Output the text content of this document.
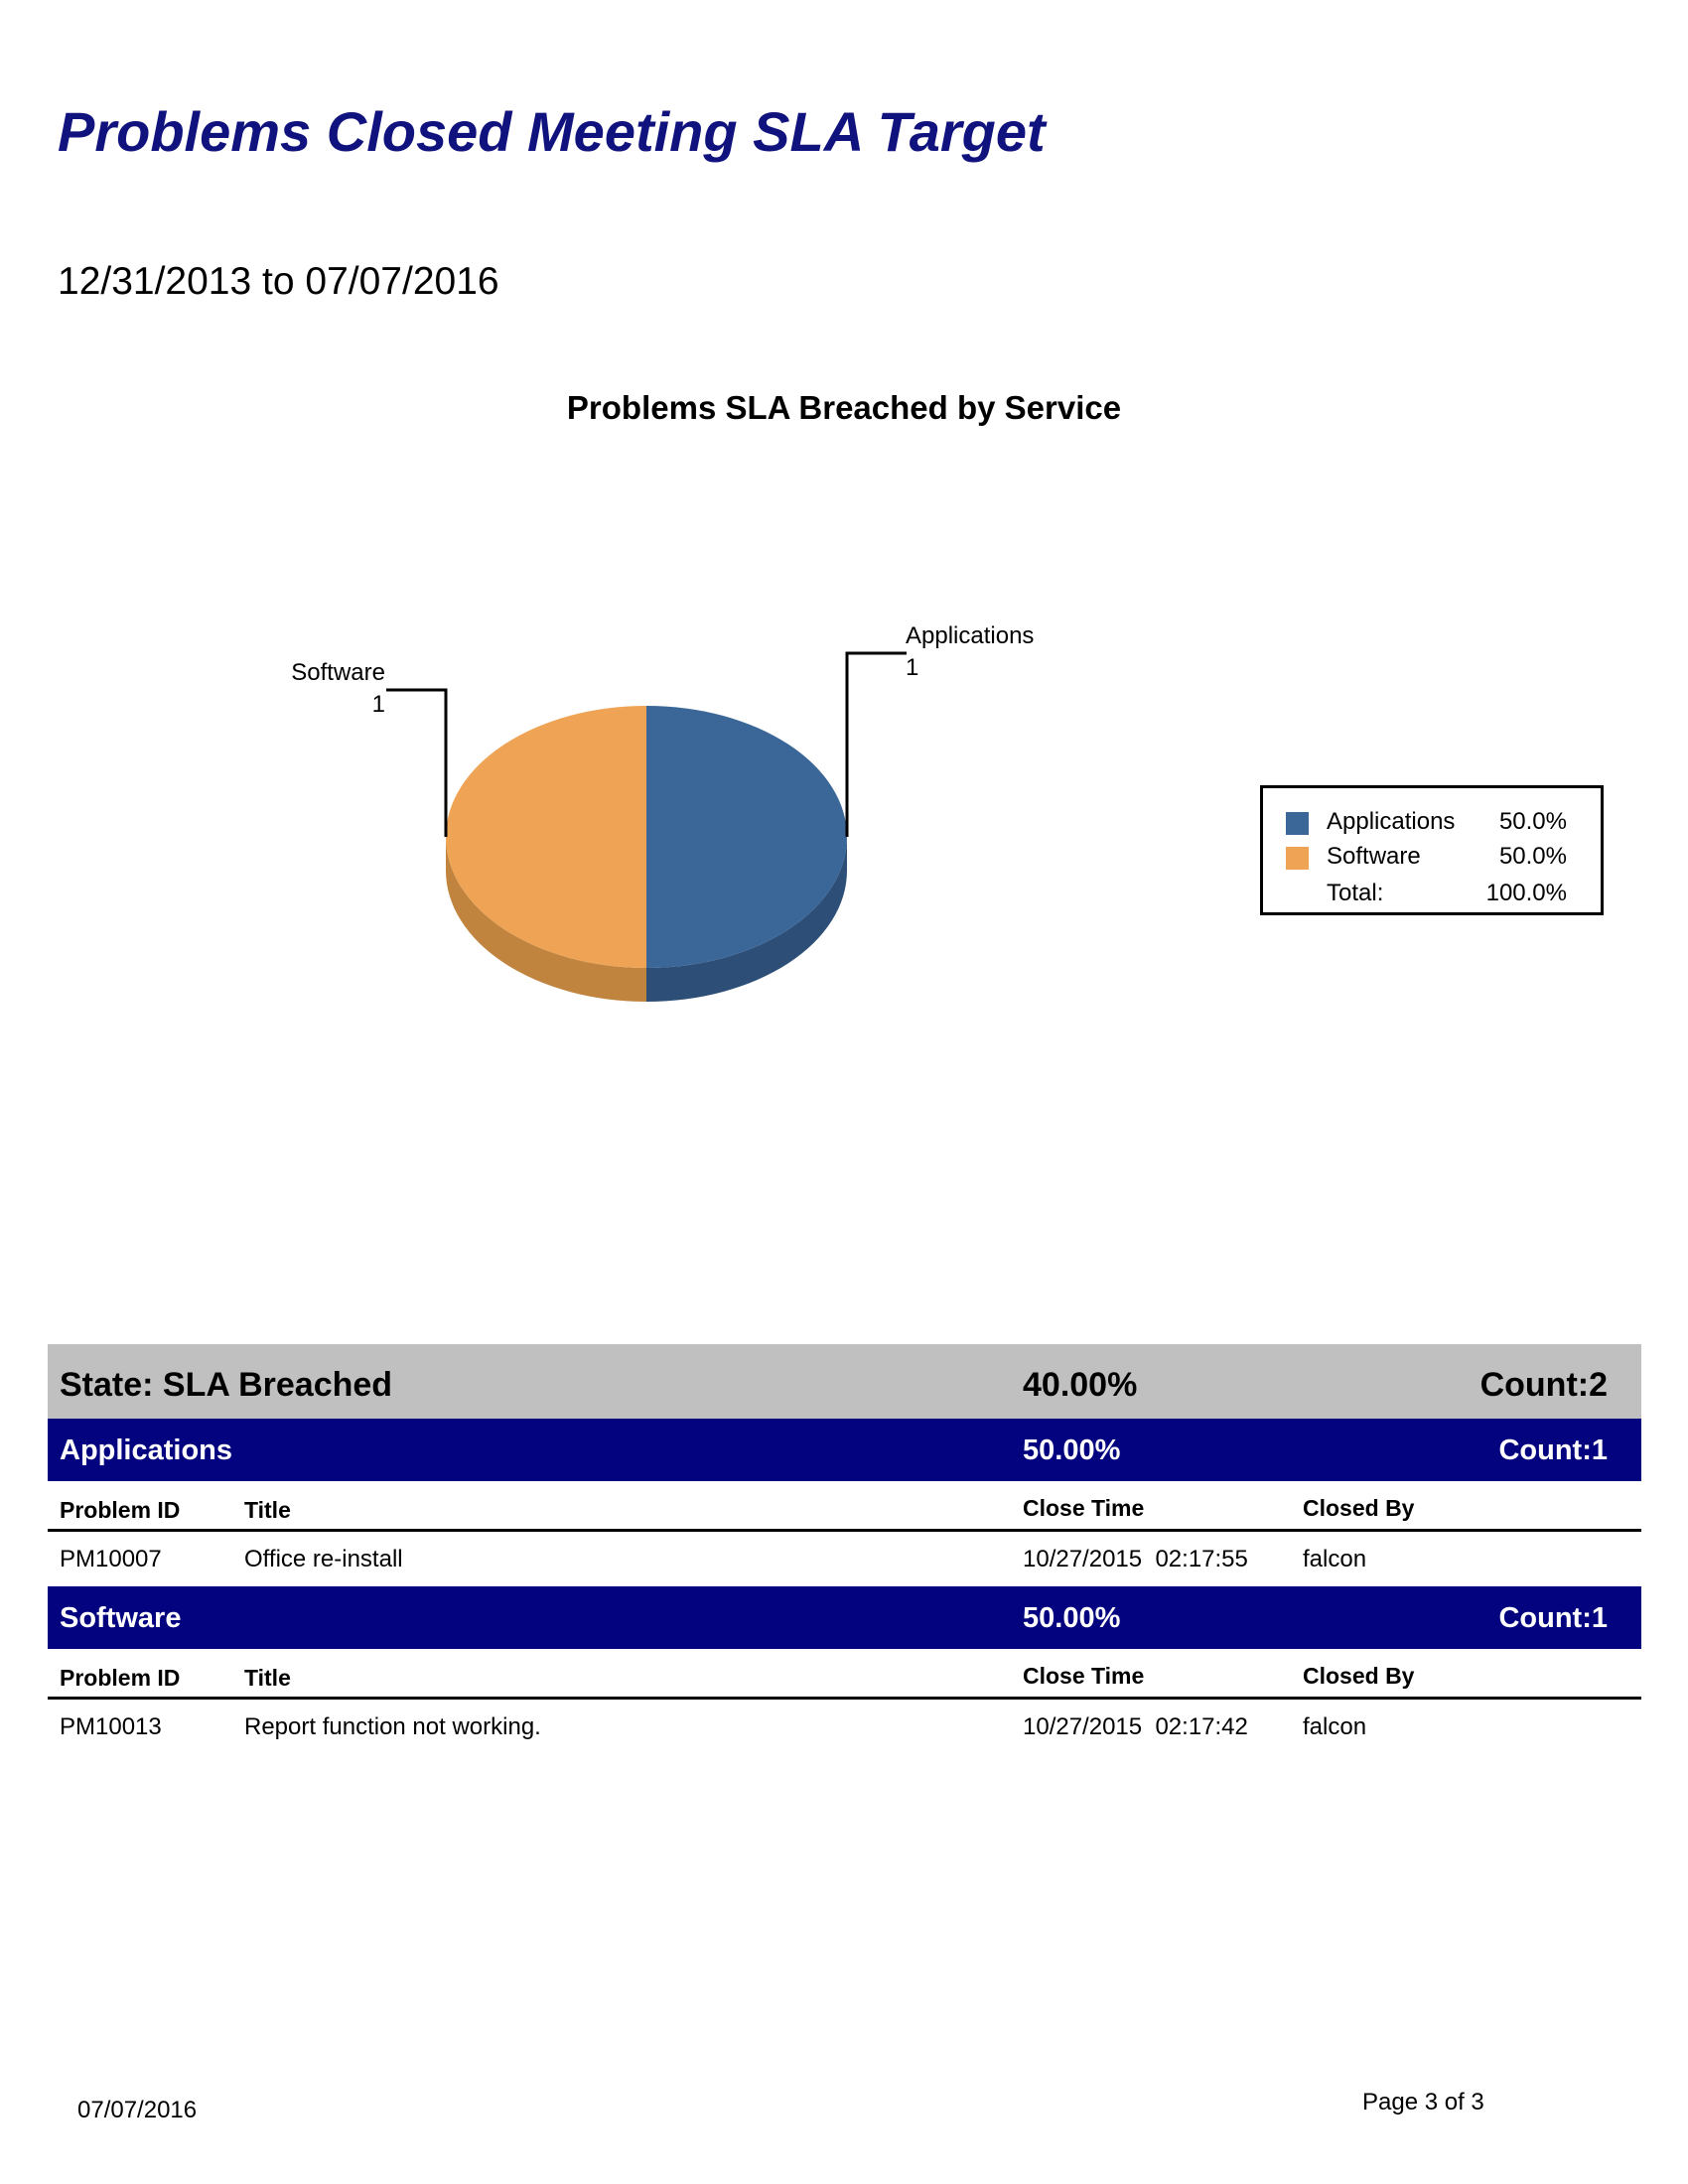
Problems Closed Meeting SLA Target
12/31/2013 to 07/07/2016
Problems SLA Breached by Service
Applications
1
Software
1
Applications 50.0%
Software	50.0%
Total:	100.0%
State: SLA Breached	40.00%	Count:2
Applications	50.00%	Count:1
Problem ID	Title	Close Time	Closed By
PM10007	Office re-install	10/27/2015  02:17:55 falcon
Software	50.00%	Count:1
Problem ID	Title	Close Time	Closed By
PM10013	Report function not working.	10/27/2015  02:17:42 falcon
07/07/2016	Page 3 of 3
